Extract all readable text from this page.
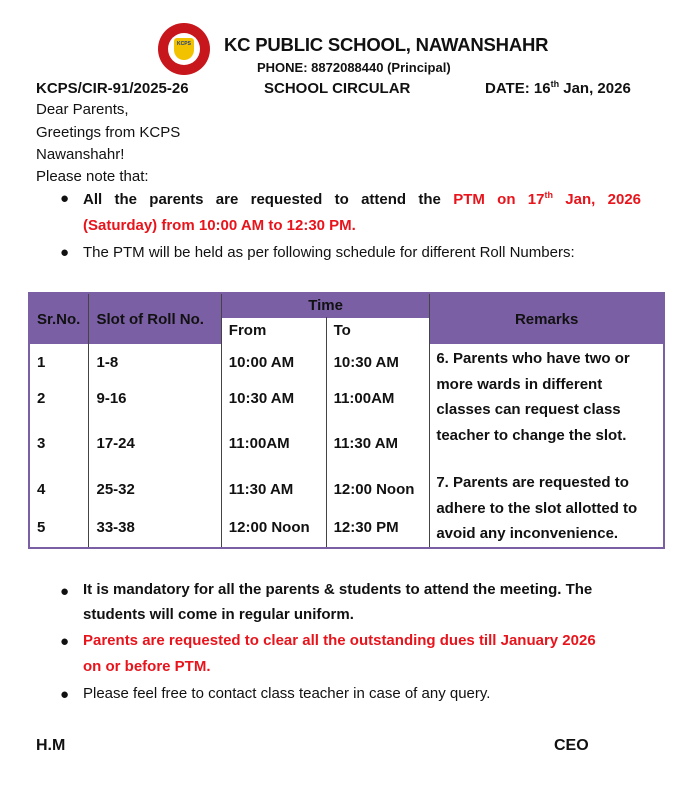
KCPS KC PUBLIC SCHOOL, NAWANSHAHR
PHONE: 8872088440 (Principal)
KCPS/CIR-91/2025-26	SCHOOL CIRCULAR	DATE: 16th Jan, 2026
Dear Parents,
Greetings from KCPS
Nawanshahr!
Please note that:
● All the parents are requested to attend the PTM on 17th Jan, 2026
(Saturday) from 10:00 AM to 12:30 PM.
● The PTM will be held as per following schedule for different Roll Numbers:
Sr.No.	Slot of Roll No.	Time		Remarks
		From	To	
1	1-8	10:00 AM	10:30 AM	6. Parents who have two or more wards in different classes can request class teacher to change the slot.
2	9-16	10:30 AM	11:00AM	
3	17-24	11:00AM	11:30 AM	
4	25-32	11:30 AM	12:00 Noon	7. Parents are requested to adhere to the slot allotted to avoid any inconvenience.
5	33-38	12:00 Noon	12:30 PM	
● It is mandatory for all the parents & students to attend the meeting. The
students will come in regular uniform.
● Parents are requested to clear all the outstanding dues till January 2026
on or before PTM.
● Please feel free to contact class teacher in case of any query.
H.M	CEO
